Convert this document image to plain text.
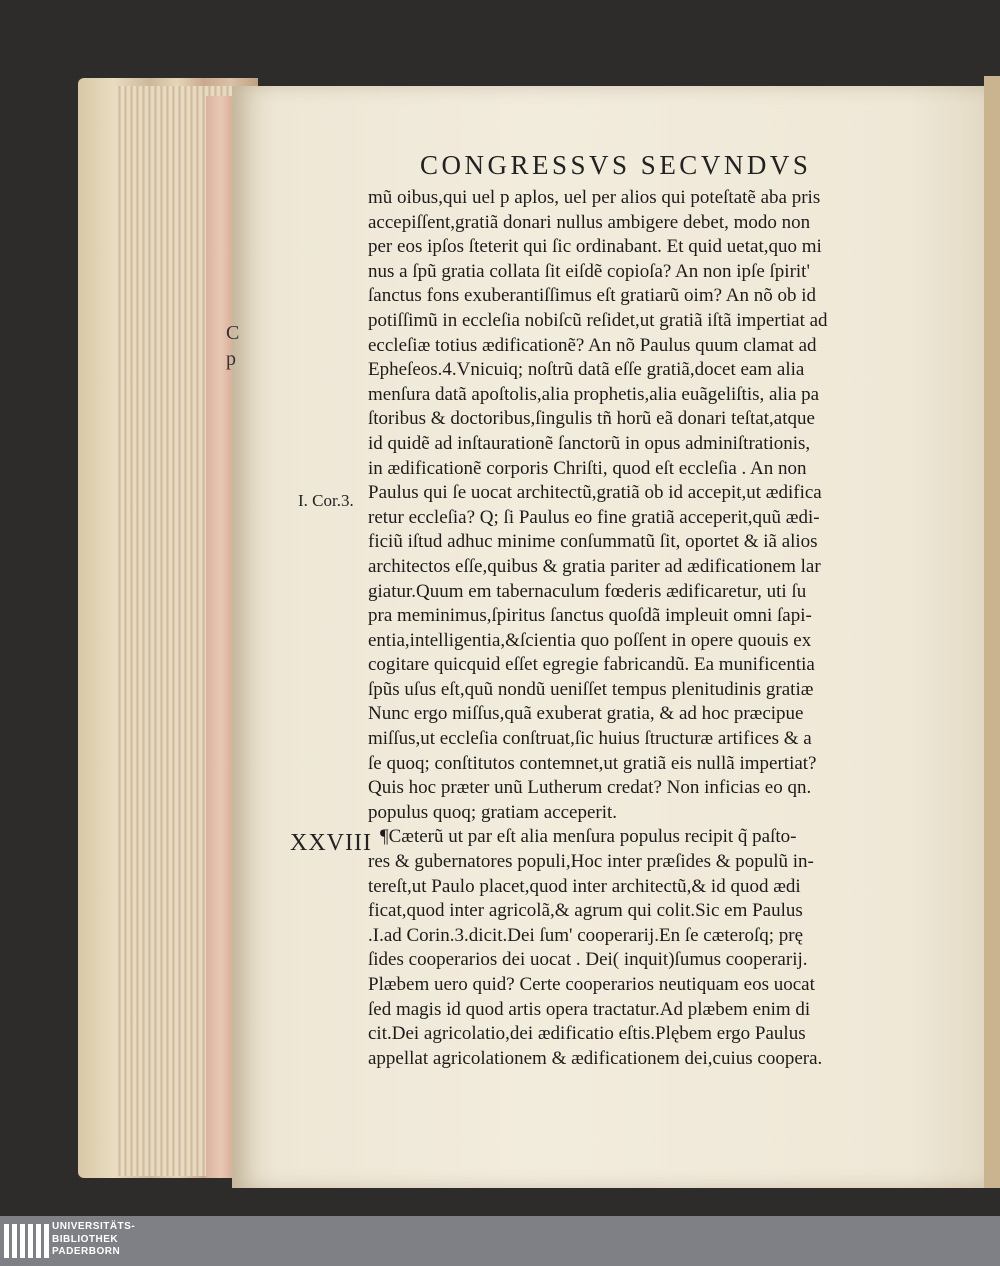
C
p
CONGRESSVS SECVNDVS
I. Cor.3.
XXVIII
mũ oibus,qui uel p aplos, uel per alios qui poteſtatẽ aba pris
accepiſſent,gratiã donari nullus ambigere debet, modo non
per eos ipſos ſteterit qui ſic ordinabant. Et quid uetat,quo mi
nus a ſpũ gratia collata ſit eiſdẽ copioſa? An non ipſe ſpirit'
ſanctus fons exuberantiſſimus eſt gratiarũ oim? An nõ ob id
potiſſimũ in eccleſia nobiſcũ reſidet,ut gratiã iſtã impertiat ad
eccleſiæ totius ædificationẽ? An nõ Paulus quum clamat ad
Epheſeos.4.Vnicuiq; noſtrũ datã eſſe gratiã,docet eam alia
menſura datã apoſtolis,alia prophetis,alia euãgeliſtis, alia pa
ſtoribus & doctoribus,ſingulis tñ horũ eã donari teſtat,atque
id quidẽ ad inſtaurationẽ ſanctorũ in opus adminiſtrationis,
in ædificationẽ corporis Chriſti, quod eſt eccleſia . An non
Paulus qui ſe uocat architectũ,gratiã ob id accepit,ut ædifica
retur eccleſia? Q; ſi Paulus eo fine gratiã acceperit,quũ ædi-
ficiũ iſtud adhuc minime conſummatũ ſit, oportet & iã alios
architectos eſſe,quibus & gratia pariter ad ædificationem lar
giatur.Quum em tabernaculum fœderis ædificaretur, uti ſu
pra meminimus,ſpiritus ſanctus quoſdã impleuit omni ſapi-
entia,intelligentia,&ſcientia quo poſſent in opere quouis ex
cogitare quicquid eſſet egregie fabricandũ. Ea munificentia
ſpũs uſus eſt,quũ nondũ ueniſſet tempus plenitudinis gratiæ
Nunc ergo miſſus,quã exuberat gratia, & ad hoc præcipue
miſſus,ut eccleſia conſtruat,ſic huius ſtructuræ artifices & a
ſe quoq; conſtitutos contemnet,ut gratiã eis nullã impertiat?
Quis hoc præter unũ Lutherum credat? Non inficias eo qn.
populus quoq; gratiam acceperit.
¶Cæterũ ut par eſt alia menſura populus recipit q̃ paſto-
res & gubernatores populi,Hoc inter præſides & populũ in-
tereſt,ut Paulo placet,quod inter architectũ,& id quod ædi
ficat,quod inter agricolã,& agrum qui colit.Sic em Paulus
.I.ad Corin.3.dicit.Dei ſum' cooperarij.En ſe cæteroſq; prę
ſides cooperarios dei uocat . Dei( inquit)ſumus cooperarij.
Plæbem uero quid? Certe cooperarios neutiquam eos uocat
ſed magis id quod artis opera tractatur.Ad plæbem enim di
cit.Dei agricolatio,dei ædificatio eſtis.Plębem ergo Paulus
appellat agricolationem & ædificationem dei,cuius coopera.
UNIVERSITÄTS-
BIBLIOTHEK
PADERBORN
